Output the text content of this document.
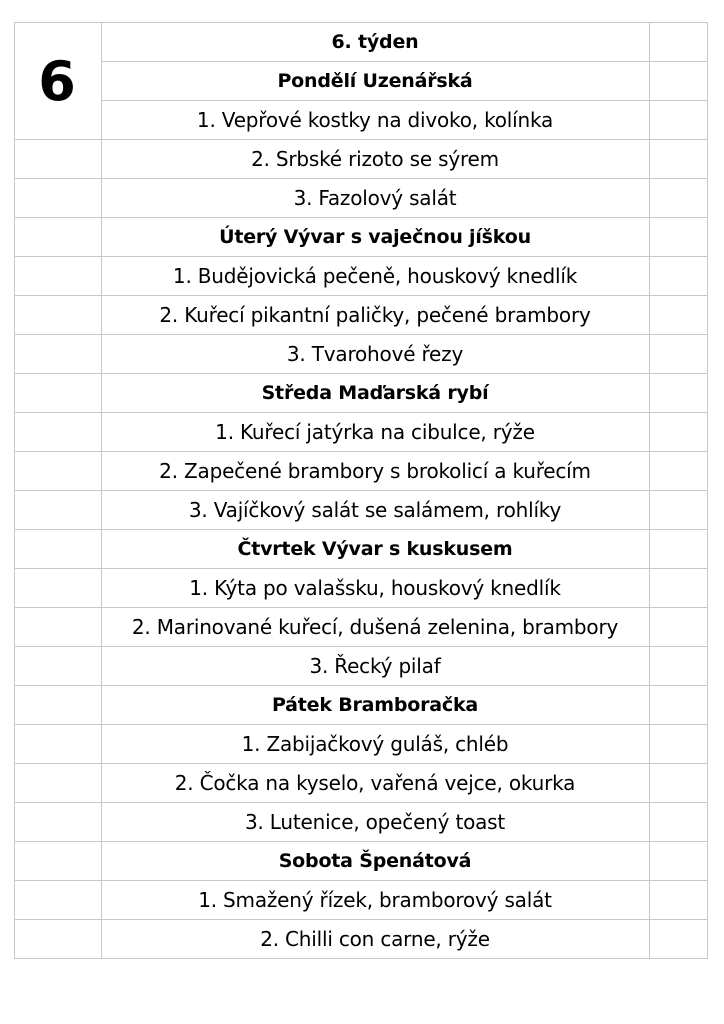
6
6. týden
Pondělí Uzenářská
1. Vepřové kostky na divoko, kolínka
2. Srbské rizoto se sýrem
3. Fazolový salát
Úterý Vývar s vaječnou jíškou
1. Budějovická pečeně, houskový knedlík
2. Kuřecí pikantní paličky, pečené brambory
3. Tvarohové řezy
Středa Maďarská rybí
1. Kuřecí jatýrka na cibulce, rýže
2. Zapečené brambory s brokolicí a kuřecím
3. Vajíčkový salát se salámem, rohlíky
Čtvrtek Vývar s kuskusem
1. Kýta po valašsku, houskový knedlík
2. Marinované kuřecí, dušená zelenina, brambory
3. Řecký pilaf
Pátek Bramboračka
1. Zabijačkový guláš, chléb
2. Čočka na kyselo, vařená vejce, okurka
3. Lutenice, opečený toast
Sobota Špenátová
1. Smažený řízek, bramborový salát
2. Chilli con carne, rýže
